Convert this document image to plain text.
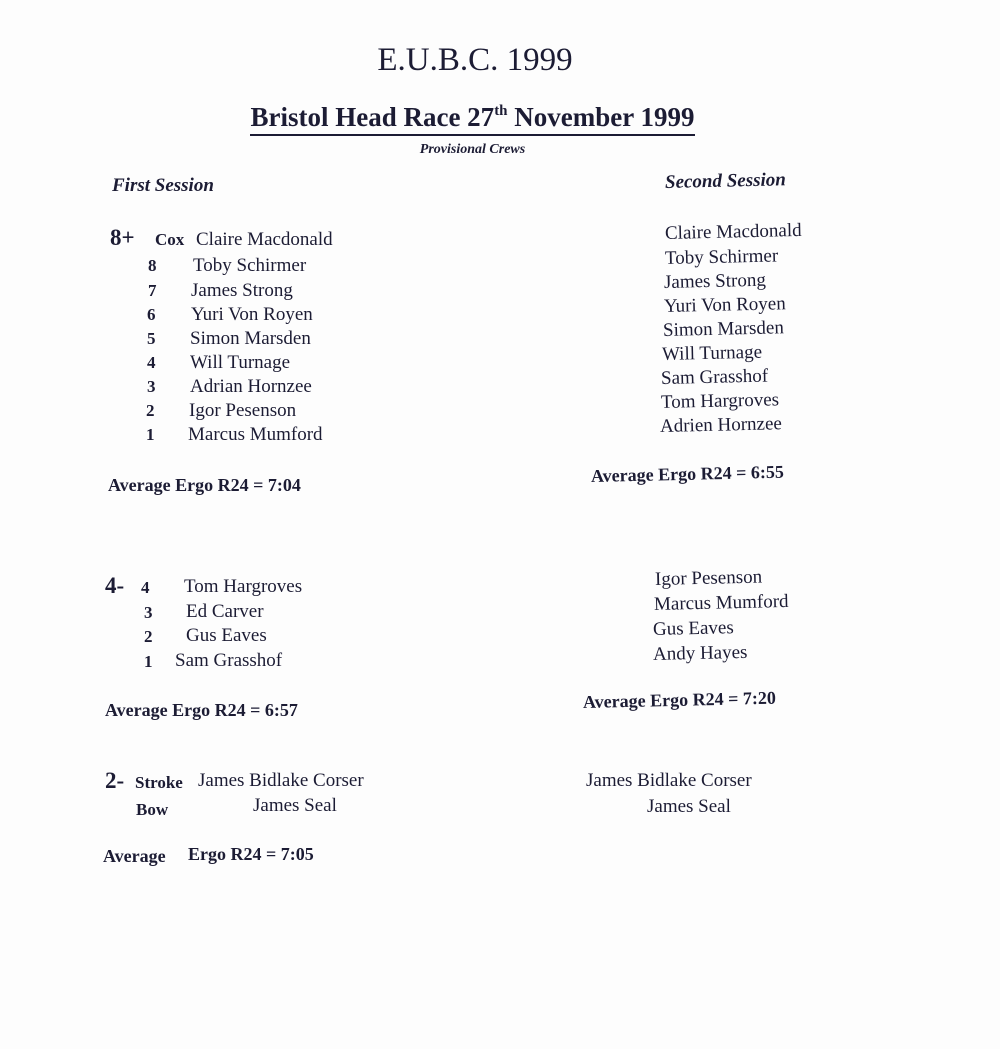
E.U.B.C. 1999
Bristol Head Race 27th November 1999
Provisional Crews
First Session
8+ Cox Claire Macdonald
8 Toby Schirmer
7 James Strong
6 Yuri Von Royen
5 Simon Marsden
4 Will Turnage
3 Adrian Hornzee
2 Igor Pesenson
1 Marcus Mumford
Average Ergo R24 = 7:04
4- 4 Tom Hargroves
3 Ed Carver
2 Gus Eaves
1 Sam Grasshof
Average Ergo R24 = 6:57
2- Stroke James Bidlake Corser
Bow	James Seal
Average Ergo R24 = 7:05
Second Session
Claire Macdonald
Toby Schirmer
James Strong
Yuri Von Royen
Simon Marsden
Will Turnage
Sam Grasshof
Tom Hargroves
Adrien Hornzee
Average Ergo R24 = 6:55
Igor Pesenson
Marcus Mumford
Gus Eaves
Andy Hayes
Average Ergo R24 = 7:20
James Bidlake Corser
James Seal
